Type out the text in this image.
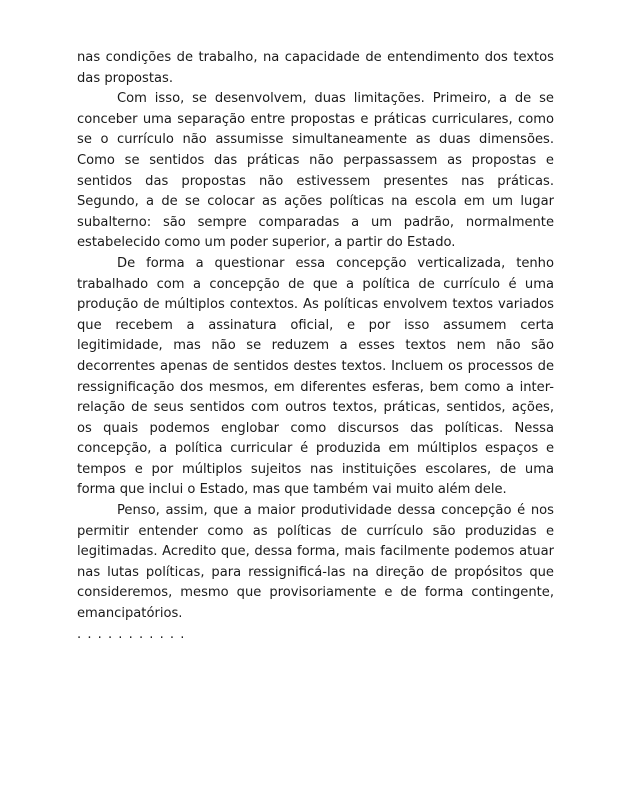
nas condições de trabalho, na capacidade de entendimento dos textos das propostas.

Com isso, se desenvolvem, duas limitações. Primeiro, a de se conceber uma separação entre propostas e práticas curriculares, como se o currículo não assumisse simultaneamente as duas dimensões. Como se sentidos das práticas não perpassassem as propostas e sentidos das propostas não estivessem presentes nas práticas. Segundo, a de se colocar as ações políticas na escola em um lugar subalterno: são sempre comparadas a um padrão, normalmente estabelecido como um poder superior, a partir do Estado.

De forma a questionar essa concepção verticalizada, tenho trabalhado com a concepção de que a política de currículo é uma produção de múltiplos contextos. As políticas envolvem textos variados que recebem a assinatura oficial, e por isso assumem certa legitimidade, mas não se reduzem a esses textos nem não são decorrentes apenas de sentidos destes textos. Incluem os processos de ressignificação dos mesmos, em diferentes esferas, bem como a inter-relação de seus sentidos com outros textos, práticas, sentidos, ações, os quais podemos englobar como discursos das políticas. Nessa concepção, a política curricular é produzida em múltiplos espaços e tempos e por múltiplos sujeitos nas instituições escolares, de uma forma que inclui o Estado, mas que também vai muito além dele.

Penso, assim, que a maior produtividade dessa concepção é nos permitir entender como as políticas de currículo são produzidas e legitimadas. Acredito que, dessa forma, mais facilmente podemos atuar nas lutas políticas, para ressignificá-las na direção de propósitos que consideremos, mesmo que provisoriamente e de forma contingente, emancipatórios.

. . . . . . . . . . .
